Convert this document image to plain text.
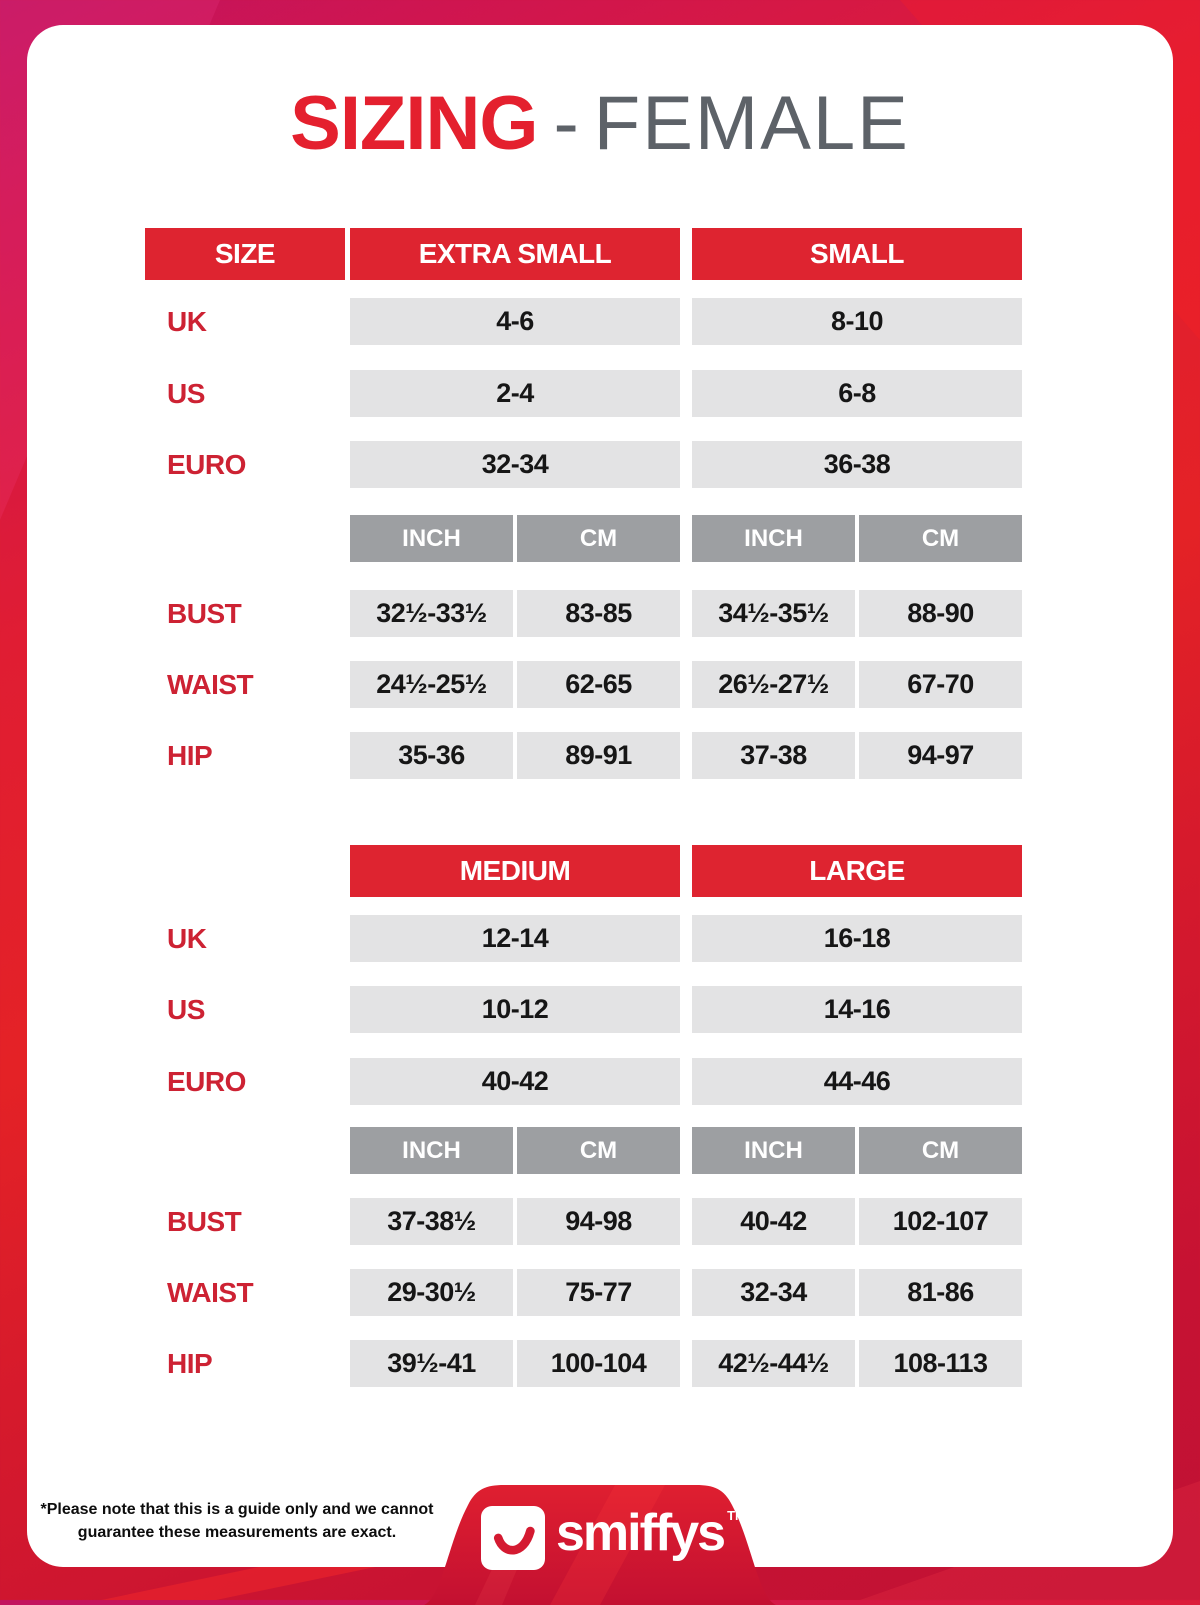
SIZING - FEMALE
SIZE	EXTRA SMALL	SMALL
UK	4-6	8-10
US	2-4	6-8
EURO	32-34	36-38
INCH	CM	INCH	CM
BUST	32½-33½	83-85	34½-35½	88-90
WAIST	24½-25½	62-65	26½-27½	67-70
HIP	35-36	89-91	37-38	94-97
MEDIUM	LARGE
UK	12-14	16-18
US	10-12	14-16
EURO	40-42	44-46
INCH	CM	INCH	CM
BUST	37-38½	94-98	40-42	102-107
WAIST	29-30½	75-77	32-34	81-86
HIP	39½-41	100-104	42½-44½	108-113
*Please note that this is a guide only and we cannot guarantee these measurements are exact.	smiffys ™
